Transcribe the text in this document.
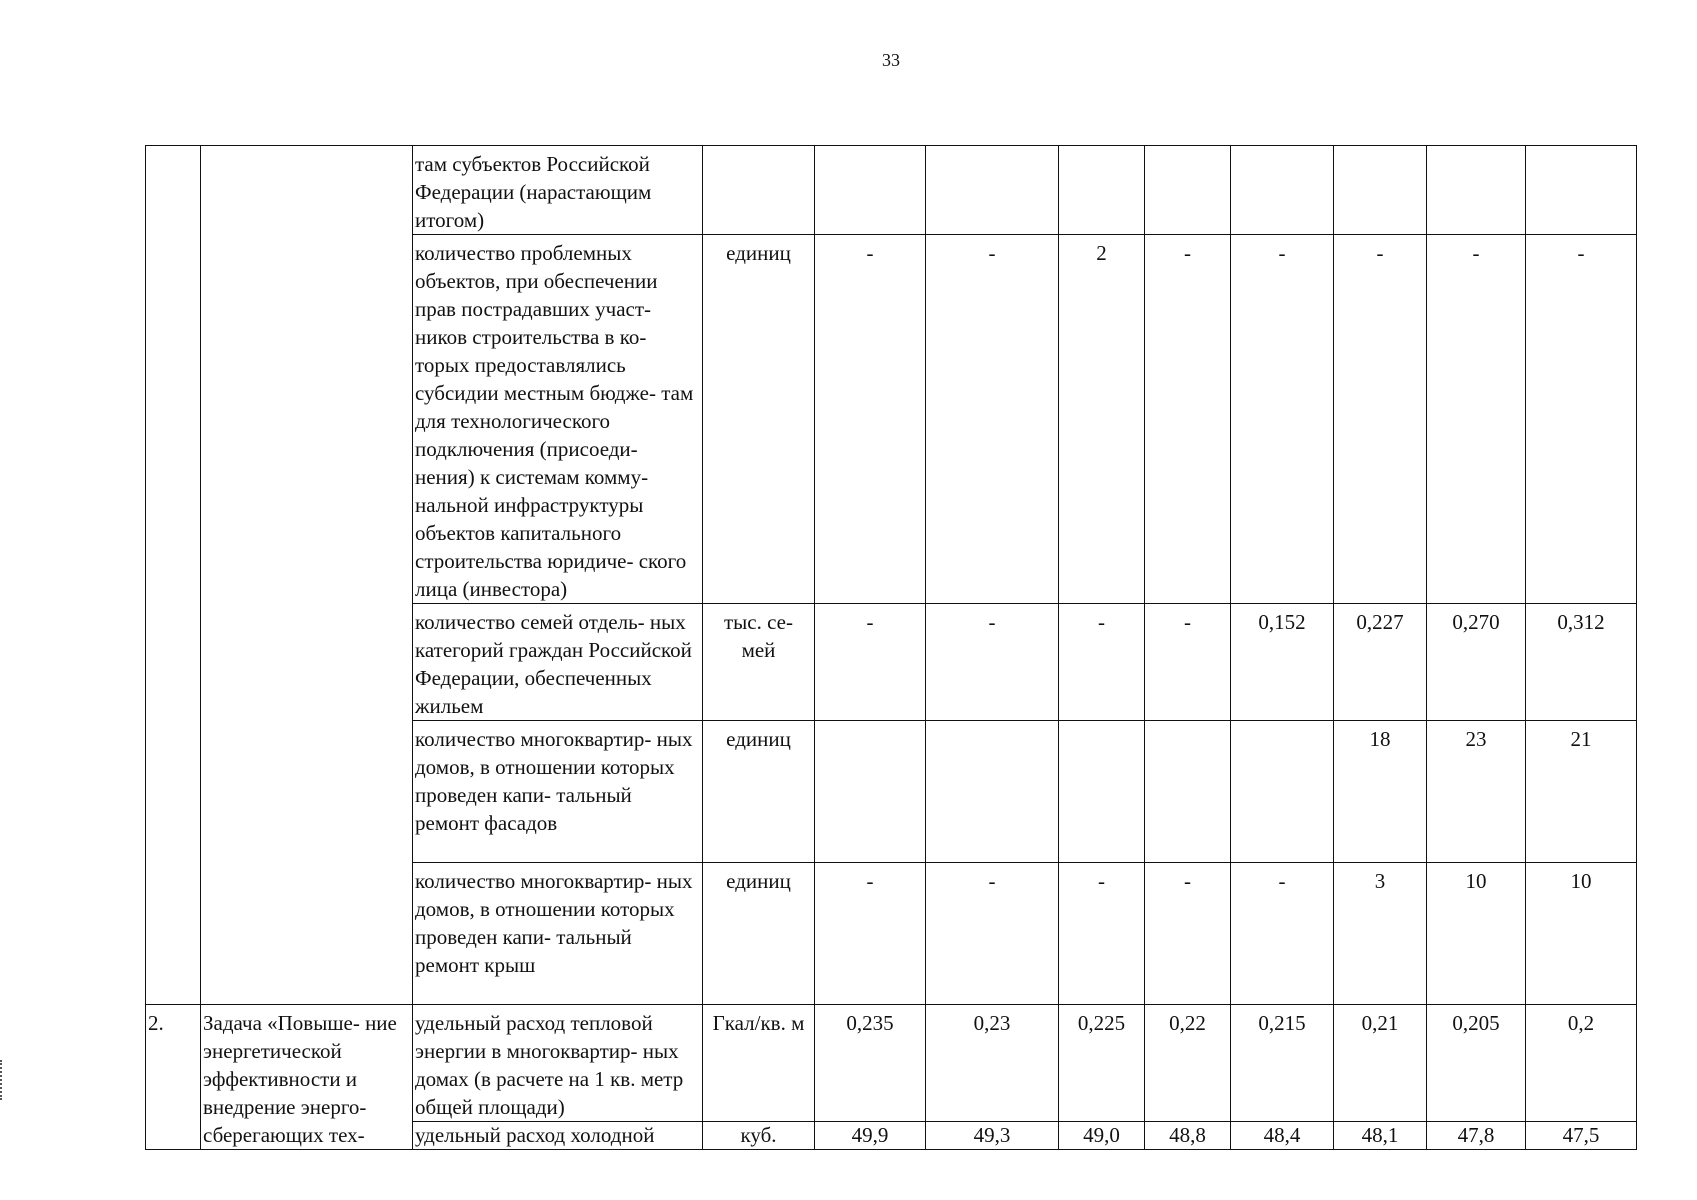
33
		там субъектов Российской Федерации (нарастающим итогом)									
		количество проблемных объектов, при обеспечении прав пострадавших участ- ников строительства в ко- торых предоставлялись субсидии местным бюдже- там для технологического подключения (присоеди- нения) к системам комму- нальной инфраструктуры объектов капитального строительства юридиче- ского лица (инвестора)	единиц	-	-	2	-	-	-	-	-
		количество семей отдель- ных категорий граждан Российской Федерации, обеспеченных жильем	тыс. се- мей	-	-	-	-	0,152	0,227	0,270	0,312
		количество многоквартир- ных домов, в отношении которых проведен капи- тальный ремонт фасадов	единиц						18	23	21
		количество многоквартир- ных домов, в отношении которых проведен капи- тальный ремонт крыш	единиц	-	-	-	-	-	3	10	10
2.	Задача «Повыше- ние энергетической эффективности и внедрение энерго- сберегающих тех-	удельный расход тепловой энергии в многоквартир- ных домах (в расчете на 1 кв. метр общей площади)	Гкал/кв. м	0,235	0,23	0,225	0,22	0,215	0,21	0,205	0,2
		удельный расход холодной	куб.	49,9	49,3	49,0	48,8	48,4	48,1	47,8	47,5
